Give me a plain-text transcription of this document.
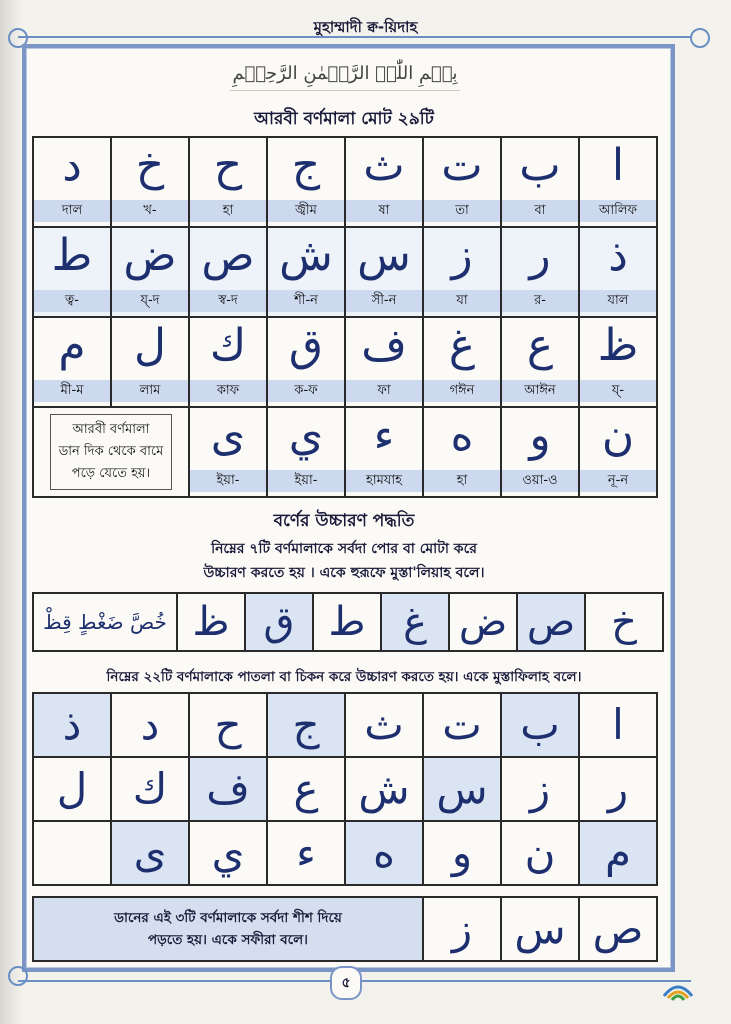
মুহাম্মাদী ক্ব-য়িদাহ
بِسۡمِ اللّٰہِ الرَّحۡمٰنِ الرَّحِیۡمِ
আরবী বর্ণমালা মোট ২৯টি
د
দাল
خ
খ-
ح
হা
ج
জ্বীম
ث
ষা
ت
তা
ب
বা
ا
আলিফ
ط
ত্ব-
ض
য্‌-দ
ص
স্ব-দ
ش
শী-ন
س
সী-ন
ز
যা
ر
র-
ذ
যাল
م
মী-ম
ل
লাম
ك
কাফ
ق
ক-ফ
ف
ফা
غ
গঈন
ع
আঈন
ظ
য্‌-
আরবী বর্ণমালা
ডান দিক থেকে বামে
পড়ে যেতে হয়।
ى
ইয়া-
ي
ইয়া-
ء
হামযাহ
ه
হা
و
ওয়া-ও
ن
নূ-ন
বর্ণের উচ্চারণ পদ্ধতি
নিম্নের ৭টি বর্ণমালাকে সর্বদা পোর বা মোটা করে
উচ্চারণ করতে হয় । একে হুরূফে মুস্তা'লিয়াহ বলে।
خُصَّ ضَغْطٍ قِظْ ظ ق ط غ ض ص خ
নিম্নের ২২টি বর্ণমালাকে পাতলা বা চিকন করে উচ্চারণ করতে হয়। একে মুস্তাফিলাহ বলে।
ذ د ح ج ث ت ب ا
ل ك ف ع ش س ز ر
ى ي ء ه و ن م
ডানের এই ৩টি বর্ণমালাকে সর্বদা শীশ দিয়ে
পড়তে হয়। একে সফীরা বলে।	ز س ص
৫
